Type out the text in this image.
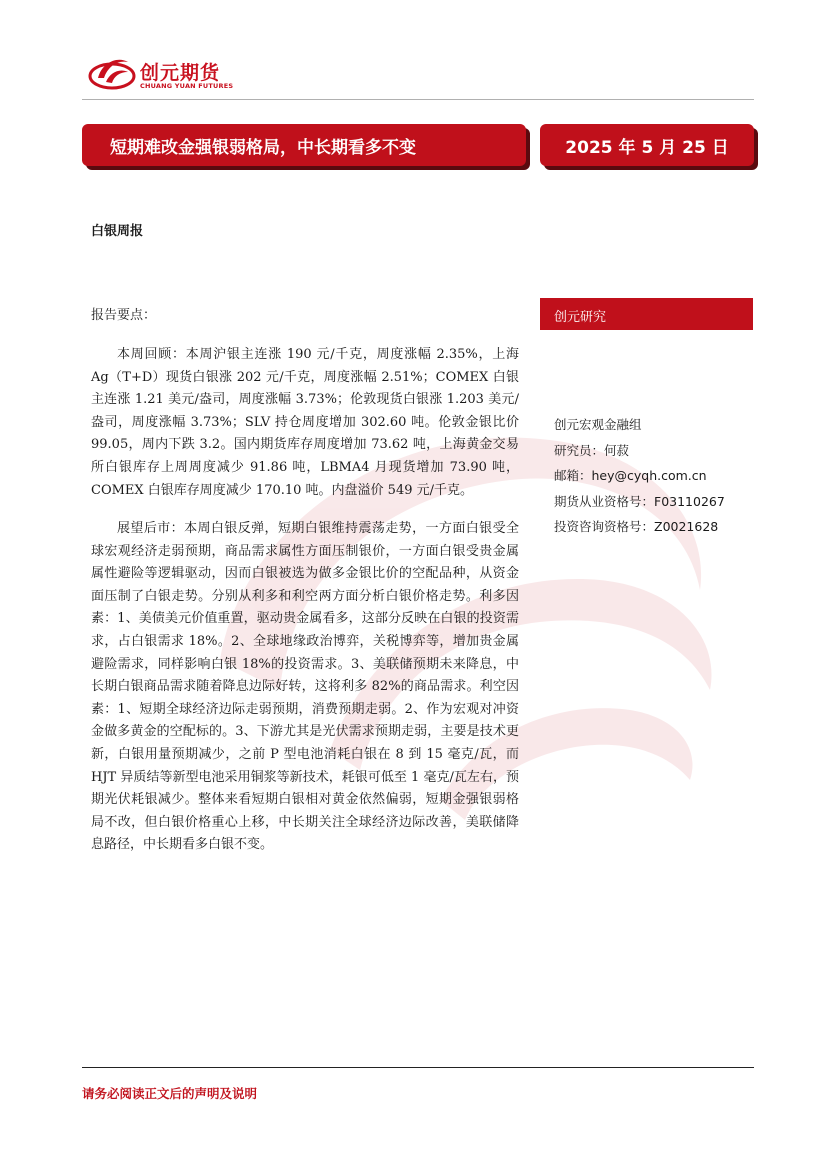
创元期货
CHUANG YUAN FUTURES
短期难改金强银弱格局，中长期看多不变	2025 年 5 月 25 日
白银周报
报告要点：

本周回顾：本周沪银主连涨 190 元/千克，周度涨幅 2.35%，上海 Ag（T+D）现货白银涨 202 元/千克，周度涨幅 2.51%；COMEX 白银主连涨 1.21 美元/盎司，周度涨幅 3.73%；伦敦现货白银涨 1.203 美元/盎司，周度涨幅 3.73%；SLV 持仓周度增加 302.60 吨。伦敦金银比价 99.05，周内下跌 3.2。国内期货库存周度增加 73.62 吨，上海黄金交易所白银库存上周周度减少 91.86 吨，LBMA4 月现货增加 73.90 吨，COMEX 白银库存周度减少 170.10 吨。内盘溢价 549 元/千克。

展望后市：本周白银反弹，短期白银维持震荡走势，一方面白银受全球宏观经济走弱预期，商品需求属性方面压制银价，一方面白银受贵金属属性避险等逻辑驱动，因而白银被选为做多金银比价的空配品种，从资金面压制了白银走势。分别从利多和利空两方面分析白银价格走势。利多因素：1、美债美元价值重置，驱动贵金属看多，这部分反映在白银的投资需求，占白银需求 18%。2、全球地缘政治博弈，关税博弈等，增加贵金属避险需求，同样影响白银 18%的投资需求。3、美联储预期未来降息，中长期白银商品需求随着降息边际好转，这将利多 82%的商品需求。利空因素：1、短期全球经济边际走弱预期，消费预期走弱。2、作为宏观对冲资金做多黄金的空配标的。3、下游尤其是光伏需求预期走弱，主要是技术更新，白银用量预期减少，之前 P 型电池消耗白银在 8 到 15 毫克/瓦，而 HJT 异质结等新型电池采用铜浆等新技术，耗银可低至 1 毫克/瓦左右，预期光伏耗银减少。整体来看短期白银相对黄金依然偏弱，短期金强银弱格局不改，但白银价格重心上移，中长期关注全球经济边际改善，美联储降息路径，中长期看多白银不变。

创元研究
创元宏观金融组
研究员：何菽
邮箱：hey@cyqh.com.cn
期货从业资格号：F03110267
投资咨询资格号：Z0021628
请务必阅读正文后的声明及说明
